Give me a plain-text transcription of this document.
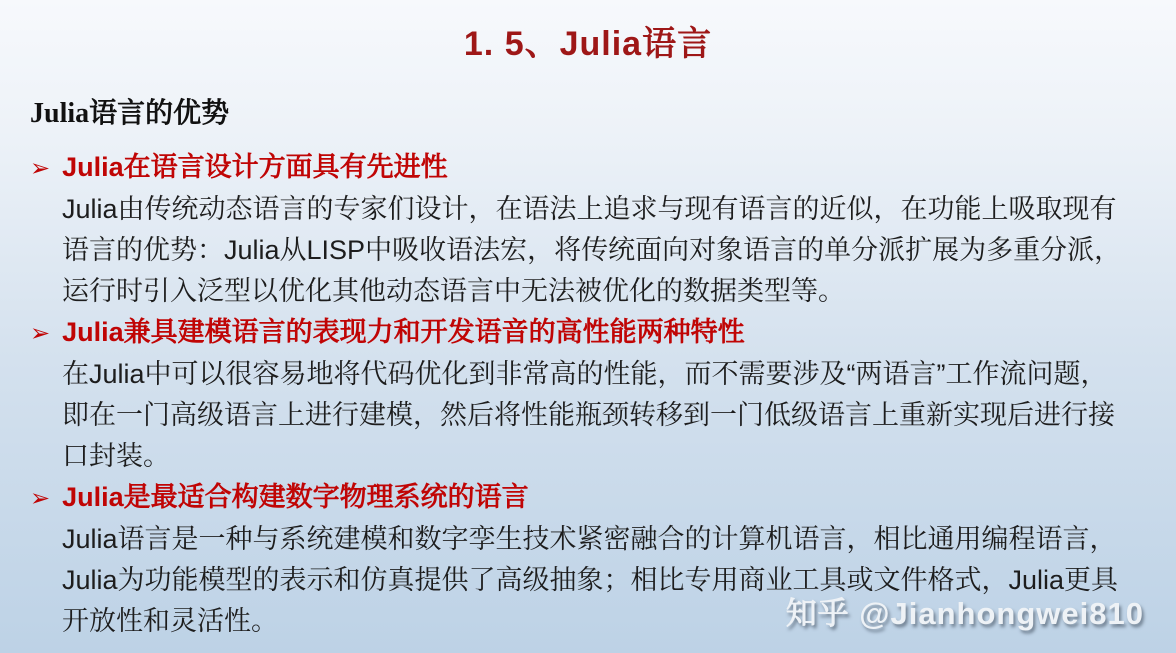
1. 5、Julia语言
Julia语言的优势
➢ Julia在语言设计方面具有先进性
Julia由传统动态语言的专家们设计，在语法上追求与现有语言的近似，在功能上吸取现有
语言的优势：Julia从LISP中吸收语法宏，将传统面向对象语言的单分派扩展为多重分派，
运行时引入泛型以优化其他动态语言中无法被优化的数据类型等。
➢ Julia兼具建模语言的表现力和开发语音的高性能两种特性
在Julia中可以很容易地将代码优化到非常高的性能，而不需要涉及“两语言”工作流问题，
即在一门高级语言上进行建模，然后将性能瓶颈转移到一门低级语言上重新实现后进行接
口封装。
➢ Julia是最适合构建数字物理系统的语言
Julia语言是一种与系统建模和数字孪生技术紧密融合的计算机语言，相比通用编程语言，
Julia为功能模型的表示和仿真提供了高级抽象；相比专用商业工具或文件格式，Julia更具
开放性和灵活性。	知乎 @Jianhongwei810
